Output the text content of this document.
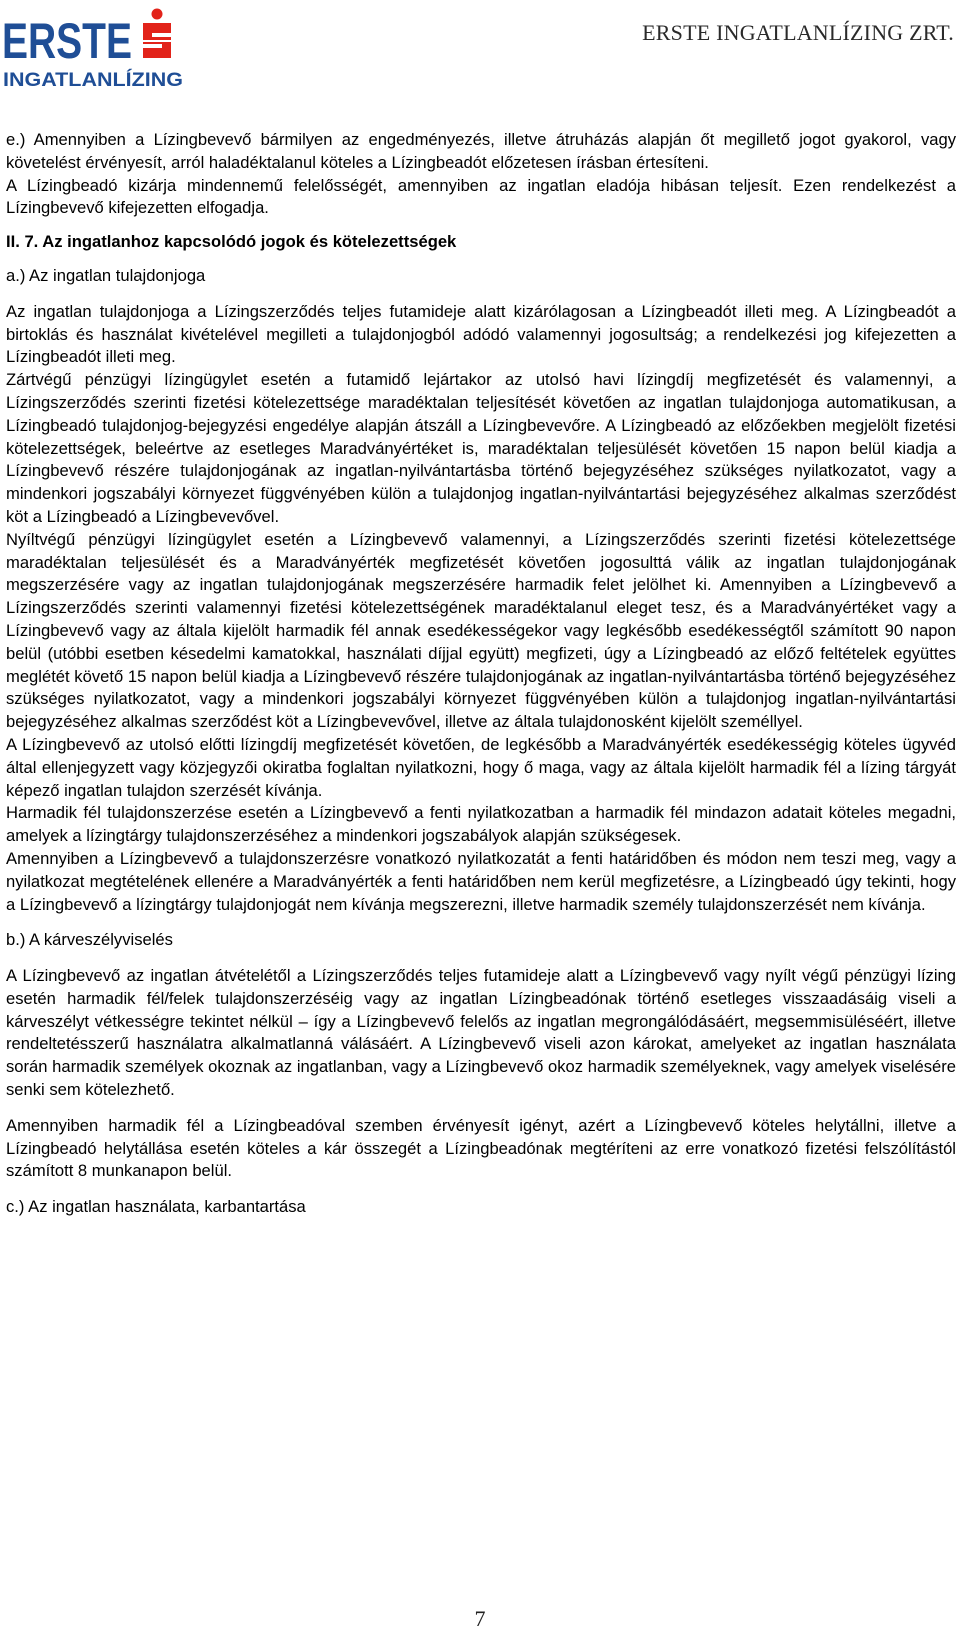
ERSTE
INGATLANLÍZING
ERSTE INGATLANLÍZING ZRT.

e.) Amennyiben a Lízingbevevő bármilyen az engedményezés, illetve átruházás alapján őt megillető jogot gyakorol, vagy követelést érvényesít, arról haladéktalanul köteles a Lízingbeadót előzetesen írásban értesíteni.

A Lízingbeadó kizárja mindennemű felelősségét, amennyiben az ingatlan eladója hibásan teljesít. Ezen rendelkezést a Lízingbevevő kifejezetten elfogadja.

II. 7. Az ingatlanhoz kapcsolódó jogok és kötelezettségek
a.) Az ingatlan tulajdonjoga

Az ingatlan tulajdonjoga a Lízingszerződés teljes futamideje alatt kizárólagosan a Lízingbeadót illeti meg. A Lízingbeadót a birtoklás és használat kivételével megilleti a tulajdonjogból adódó valamennyi jogosultság; a rendelkezési jog kifejezetten a Lízingbeadót illeti meg.

Zártvégű pénzügyi lízingügylet esetén a futamidő lejártakor az utolsó havi lízingdíj megfizetését és valamennyi, a Lízingszerződés szerinti fizetési kötelezettsége maradéktalan teljesítését követően az ingatlan tulajdonjoga automatikusan, a Lízingbeadó tulajdonjog-bejegyzési engedélye alapján átszáll a Lízingbevevőre. A Lízingbeadó az előzőekben megjelölt fizetési kötelezettségek, beleértve az esetleges Maradványértéket is, maradéktalan teljesülését követően 15 napon belül kiadja a Lízingbevevő részére tulajdonjogának az ingatlan-nyilvántartásba történő bejegyzéséhez szükséges nyilatkozatot, vagy a mindenkori jogszabályi környezet függvényében külön a tulajdonjog ingatlan-nyilvántartási bejegyzéséhez alkalmas szerződést köt a Lízingbeadó a Lízingbevevővel.

Nyíltvégű pénzügyi lízingügylet esetén a Lízingbevevő valamennyi, a Lízingszerződés szerinti fizetési kötelezettsége maradéktalan teljesülését és a Maradványérték megfizetését követően jogosulttá válik az ingatlan tulajdonjogának megszerzésére vagy az ingatlan tulajdonjogának megszerzésére harmadik felet jelölhet ki. Amennyiben a Lízingbevevő a Lízingszerződés szerinti valamennyi fizetési kötelezettségének maradéktalanul eleget tesz, és a Maradványértéket vagy a Lízingbevevő vagy az általa kijelölt harmadik fél annak esedékességekor vagy legkésőbb esedékességtől számított 90 napon belül (utóbbi esetben késedelmi kamatokkal, használati díjjal együtt) megfizeti, úgy a Lízingbeadó az előző feltételek együttes meglétét követő 15 napon belül kiadja a Lízingbevevő részére tulajdonjogának az ingatlan-nyilvántartásba történő bejegyzéséhez szükséges nyilatkozatot, vagy a mindenkori jogszabályi környezet függvényében külön a tulajdonjog ingatlan-nyilvántartási bejegyzéséhez alkalmas szerződést köt a Lízingbevevővel, illetve az általa tulajdonosként kijelölt személlyel.

A Lízingbevevő az utolsó előtti lízingdíj megfizetését követően, de legkésőbb a Maradványérték esedékességig köteles ügyvéd által ellenjegyzett vagy közjegyzői okiratba foglaltan nyilatkozni, hogy ő maga, vagy az általa kijelölt harmadik fél a lízing tárgyát képező ingatlan tulajdon szerzését kívánja.

Harmadik fél tulajdonszerzése esetén a Lízingbevevő a fenti nyilatkozatban a harmadik fél mindazon adatait köteles megadni, amelyek a lízingtárgy tulajdonszerzéséhez a mindenkori jogszabályok alapján szükségesek.

Amennyiben a Lízingbevevő a tulajdonszerzésre vonatkozó nyilatkozatát a fenti határidőben és módon nem teszi meg, vagy a nyilatkozat megtételének ellenére a Maradványérték a fenti határidőben nem kerül megfizetésre, a Lízingbeadó úgy tekinti, hogy a Lízingbevevő a lízingtárgy tulajdonjogát nem kívánja megszerezni, illetve harmadik személy tulajdonszerzését nem kívánja.

b.) A kárveszélyviselés

A Lízingbevevő az ingatlan átvételétől a Lízingszerződés teljes futamideje alatt a Lízingbevevő vagy nyílt végű pénzügyi lízing esetén harmadik fél/felek tulajdonszerzéséig vagy az ingatlan Lízingbeadónak történő esetleges visszaadásáig viseli a kárveszélyt vétkességre tekintet nélkül – így a Lízingbevevő felelős az ingatlan megrongálódásáért, megsemmisüléséért, illetve rendeltetésszerű használatra alkalmatlanná válásáért. A Lízingbevevő viseli azon károkat, amelyeket az ingatlan használata során harmadik személyek okoznak az ingatlanban, vagy a Lízingbevevő okoz harmadik személyeknek, vagy amelyek viselésére senki sem kötelezhető.

Amennyiben harmadik fél a Lízingbeadóval szemben érvényesít igényt, azért a Lízingbevevő köteles helytállni, illetve a Lízingbeadó helytállása esetén köteles a kár összegét a Lízingbeadónak megtéríteni az erre vonatkozó fizetési felszólítástól számított 8 munkanapon belül.

c.) Az ingatlan használata, karbantartása
7
